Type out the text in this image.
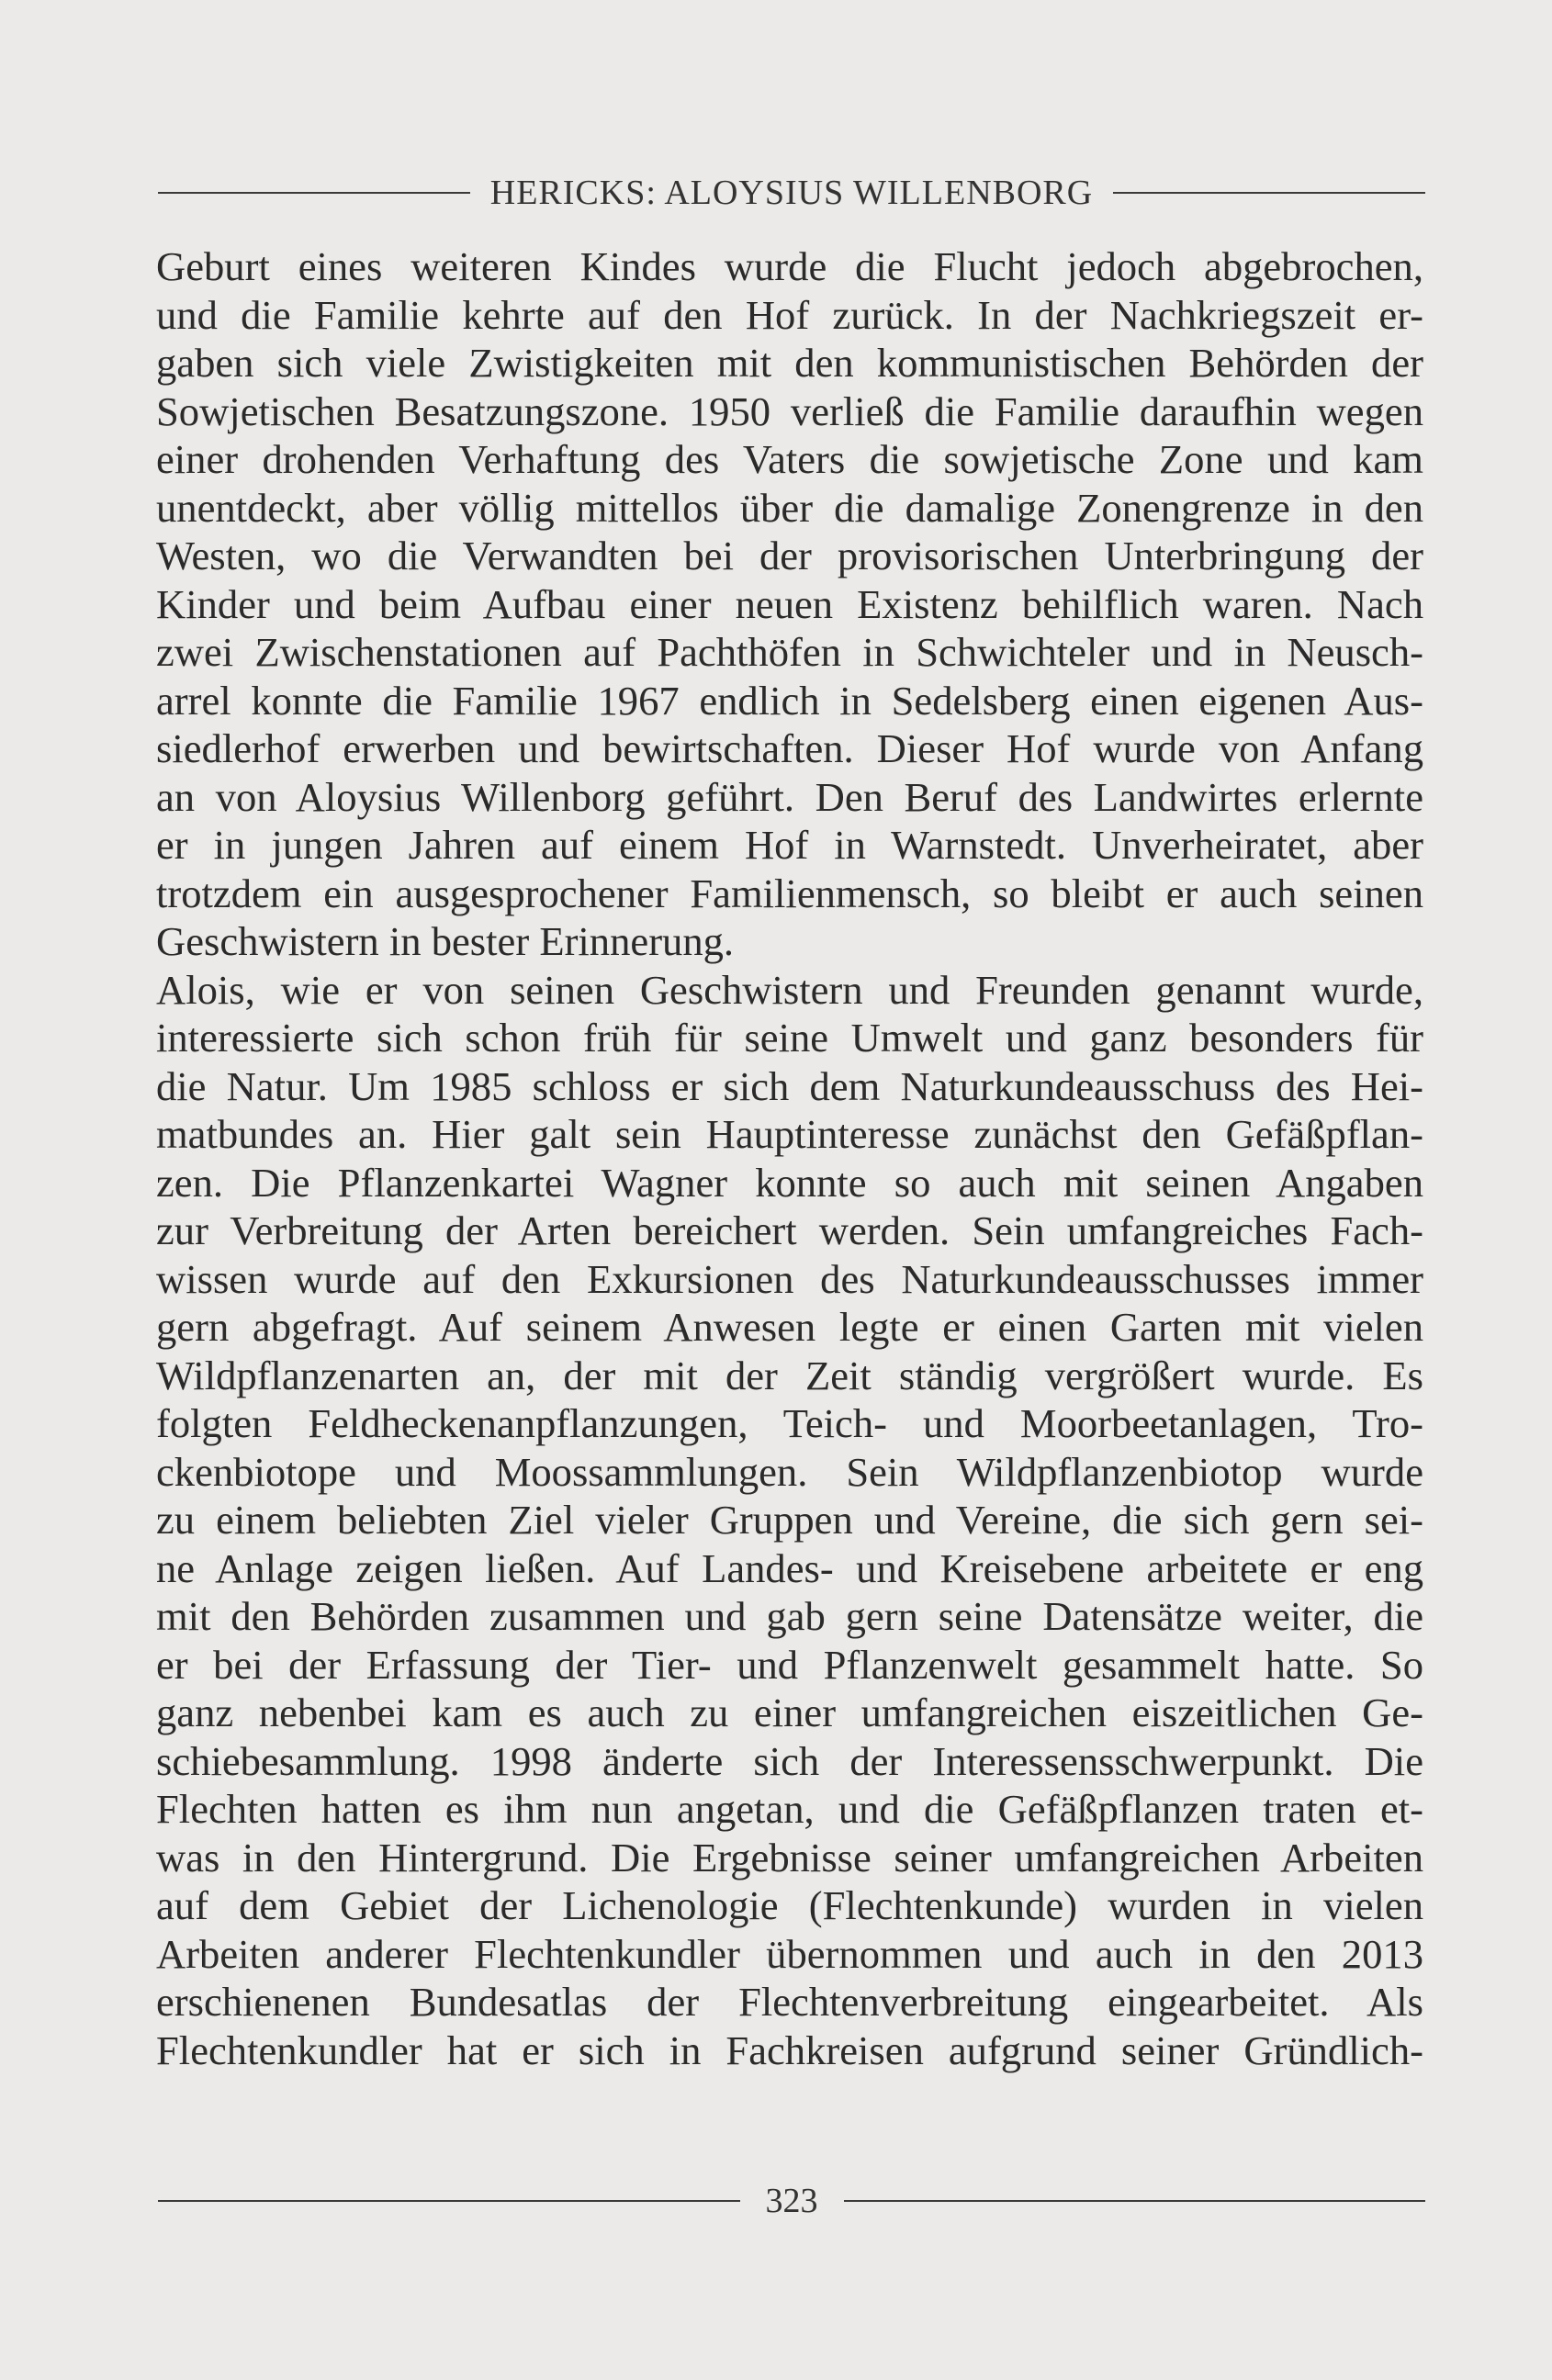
HERICKS: ALOYSIUS WILLENBORG
Geburt eines weiteren Kindes wurde die Flucht jedoch abgebrochen,
und die Familie kehrte auf den Hof zurück. In der Nachkriegszeit er-
gaben sich viele Zwistigkeiten mit den kommunistischen Behörden der
Sowjetischen Besatzungszone. 1950 verließ die Familie daraufhin wegen
einer drohenden Verhaftung des Vaters die sowjetische Zone und kam
unentdeckt, aber völlig mittellos über die damalige Zonengrenze in den
Westen, wo die Verwandten bei der provisorischen Unterbringung der
Kinder und beim Aufbau einer neuen Existenz behilflich waren. Nach
zwei Zwischenstationen auf Pachthöfen in Schwichteler und in Neusch-
arrel konnte die Familie 1967 endlich in Sedelsberg einen eigenen Aus-
siedlerhof erwerben und bewirtschaften. Dieser Hof wurde von Anfang
an von Aloysius Willenborg geführt. Den Beruf des Landwirtes erlernte
er in jungen Jahren auf einem Hof in Warnstedt. Unverheiratet, aber
trotzdem ein ausgesprochener Familienmensch, so bleibt er auch seinen
Geschwistern in bester Erinnerung.
Alois, wie er von seinen Geschwistern und Freunden genannt wurde,
interessierte sich schon früh für seine Umwelt und ganz besonders für
die Natur. Um 1985 schloss er sich dem Naturkundeausschuss des Hei-
matbundes an. Hier galt sein Hauptinteresse zunächst den Gefäßpflan-
zen. Die Pflanzenkartei Wagner konnte so auch mit seinen Angaben
zur Verbreitung der Arten bereichert werden. Sein umfangreiches Fach-
wissen wurde auf den Exkursionen des Naturkundeausschusses immer
gern abgefragt. Auf seinem Anwesen legte er einen Garten mit vielen
Wildpflanzenarten an, der mit der Zeit ständig vergrößert wurde. Es
folgten Feldheckenanpflanzungen, Teich- und Moorbeetanlagen, Tro-
ckenbiotope und Moossammlungen. Sein Wildpflanzenbiotop wurde
zu einem beliebten Ziel vieler Gruppen und Vereine, die sich gern sei-
ne Anlage zeigen ließen. Auf Landes- und Kreisebene arbeitete er eng
mit den Behörden zusammen und gab gern seine Datensätze weiter, die
er bei der Erfassung der Tier- und Pflanzenwelt gesammelt hatte. So
ganz nebenbei kam es auch zu einer umfangreichen eiszeitlichen Ge-
schiebesammlung. 1998 änderte sich der Interessensschwerpunkt. Die
Flechten hatten es ihm nun angetan, und die Gefäßpflanzen traten et-
was in den Hintergrund. Die Ergebnisse seiner umfangreichen Arbeiten
auf dem Gebiet der Lichenologie (Flechtenkunde) wurden in vielen
Arbeiten anderer Flechtenkundler übernommen und auch in den 2013
erschienenen Bundesatlas der Flechtenverbreitung eingearbeitet. Als
Flechtenkundler hat er sich in Fachkreisen aufgrund seiner Gründlich-
323
